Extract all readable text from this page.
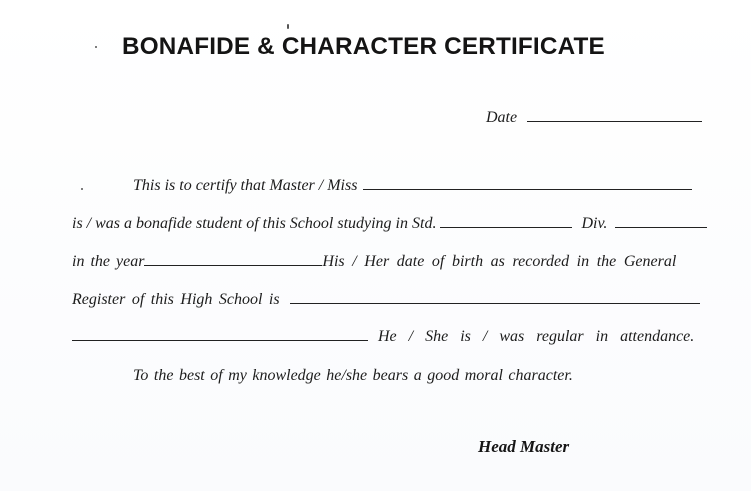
BONAFIDE & CHARACTER CERTIFICATE
Date
This is to certify that Master / Miss
is / was a bonafide student of this School studying in Std.	Div.
in the year	His / Her date of birth as recorded in the General
Register of this High School is
He / She is / was regular in attendance.
To the best of my knowledge he/she bears a good moral character.
Head Master
